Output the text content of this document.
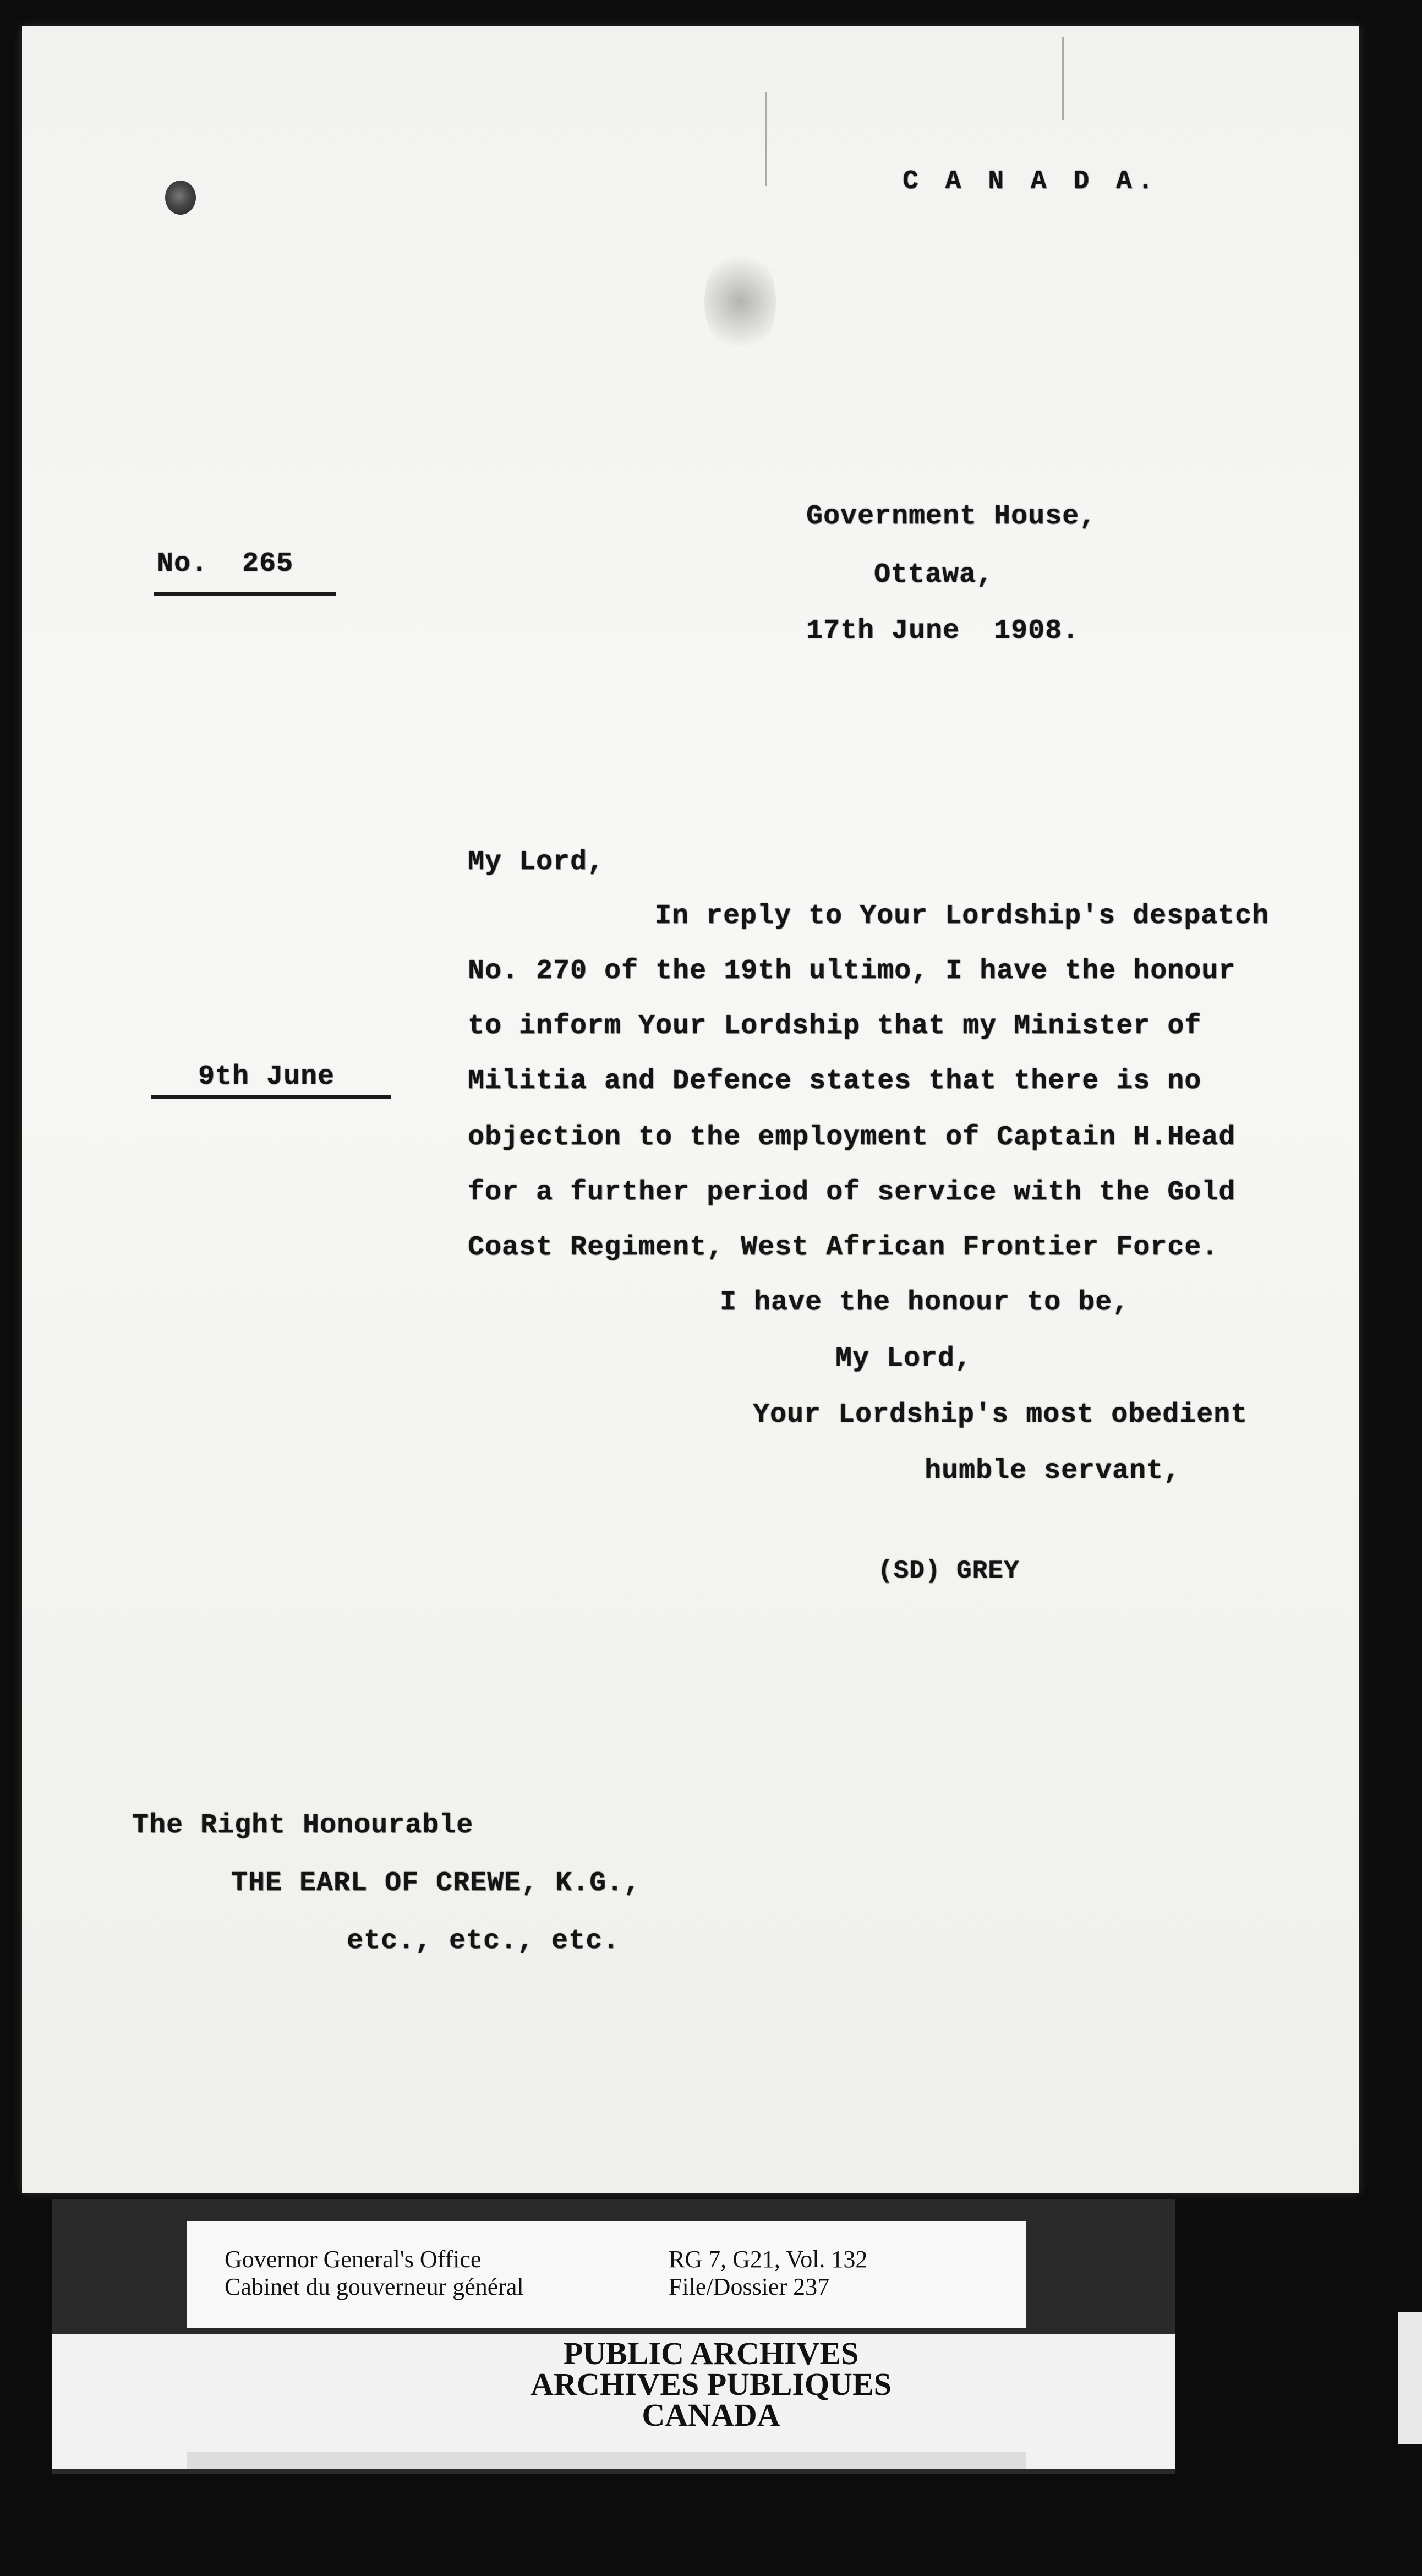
C A N A D A.
Government House,
Ottawa,
17th June  1908.
No.  265
9th June
My Lord,
In reply to Your Lordship's despatch
No. 270 of the 19th ultimo, I have the honour
to inform Your Lordship that my Minister of
Militia and Defence states that there is no
objection to the employment of Captain H.Head
for a further period of service with the Gold
Coast Regiment, West African Frontier Force.
I have the honour to be,
My Lord,
Your Lordship's most obedient
humble servant,
(SD) GREY
The Right Honourable
THE EARL OF CREWE, K.G.,
etc., etc., etc.
Governor General's Office
Cabinet du gouverneur général
RG 7, G21, Vol. 132
File/Dossier 237
PUBLIC ARCHIVES
ARCHIVES PUBLIQUES
CANADA
